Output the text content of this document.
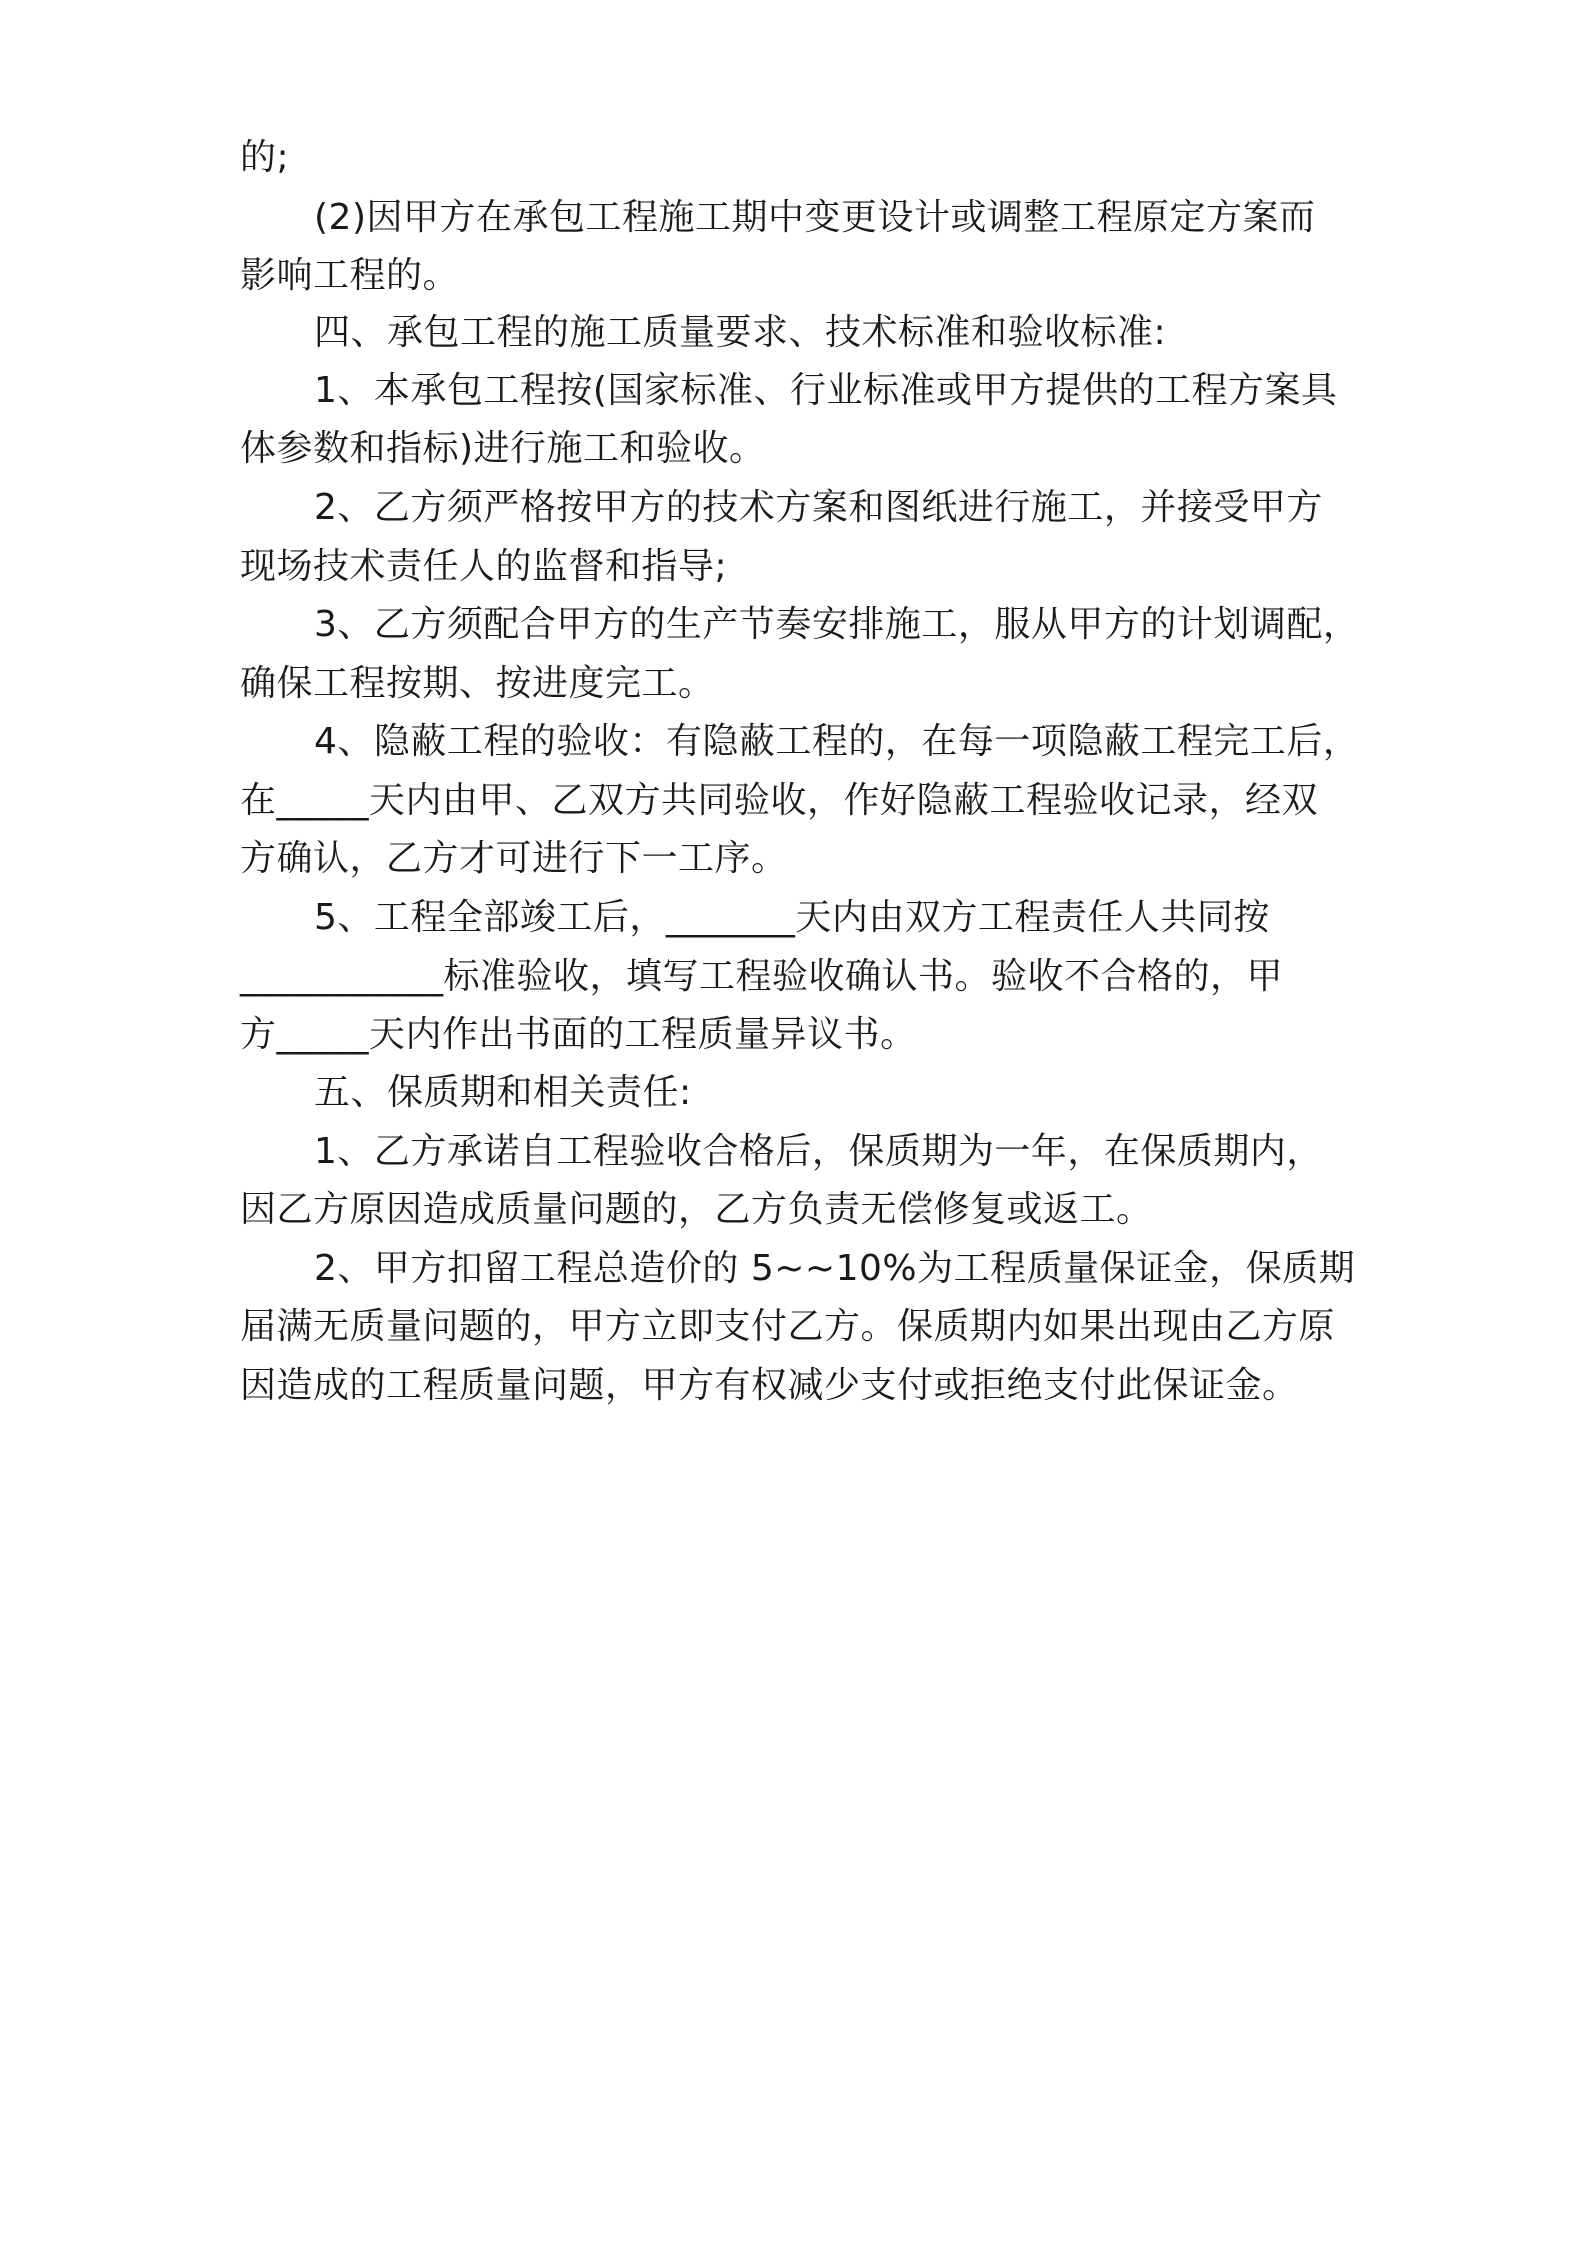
的;

(2)因甲方在承包工程施工期中变更设计或调整工程原定方案而

影响工程的。

四、承包工程的施工质量要求、技术标准和验收标准:

1、本承包工程按(国家标准、行业标准或甲方提供的工程方案具

体参数和指标)进行施工和验收。

2、乙方须严格按甲方的技术方案和图纸进行施工，并接受甲方

现场技术责任人的监督和指导;

3、乙方须配合甲方的生产节奏安排施工，服从甲方的计划调配，

确保工程按期、按进度完工。

4、隐蔽工程的验收：有隐蔽工程的，在每一项隐蔽工程完工后，

在_____天内由甲、乙双方共同验收，作好隐蔽工程验收记录，经双

方确认，乙方才可进行下一工序。

5、工程全部竣工后，_______天内由双方工程责任人共同按

___________标准验收，填写工程验收确认书。验收不合格的，甲

方_____天内作出书面的工程质量异议书。

五、保质期和相关责任:

1、乙方承诺自工程验收合格后，保质期为一年，在保质期内，

因乙方原因造成质量问题的，乙方负责无偿修复或返工。

2、甲方扣留工程总造价的 5~~10%为工程质量保证金，保质期

届满无质量问题的，甲方立即支付乙方。保质期内如果出现由乙方原

因造成的工程质量问题，甲方有权减少支付或拒绝支付此保证金。
